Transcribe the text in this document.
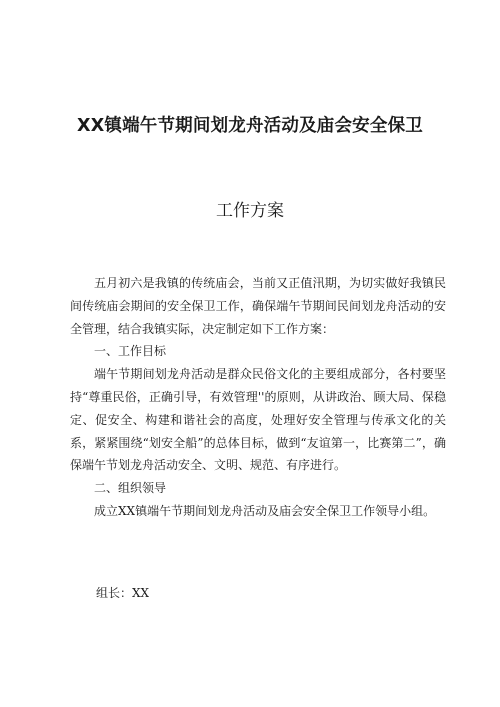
XX镇端午节期间划龙舟活动及庙会安全保卫
工作方案

五月初六是我镇的传统庙会，当前又正值汛期，为切实做好我镇民间传统庙会期间的安全保卫工作，确保端午节期间民间划龙舟活动的安全管理，结合我镇实际，决定制定如下工作方案：

一、工作目标

端午节期间划龙舟活动是群众民俗文化的主要组成部分，各村要坚持“尊重民俗，正确引导，有效管理''的原则，从讲政治、顾大局、保稳定、促安全、构建和谐社会的高度，处理好安全管理与传承文化的关系，紧紧围绕“划安全船”的总体目标，做到“友谊第一，比赛第二”，确保端午节划龙舟活动安全、文明、规范、有序进行。

二、组织领导

成立XX镇端午节期间划龙舟活动及庙会安全保卫工作领导小组。

组长：XX
